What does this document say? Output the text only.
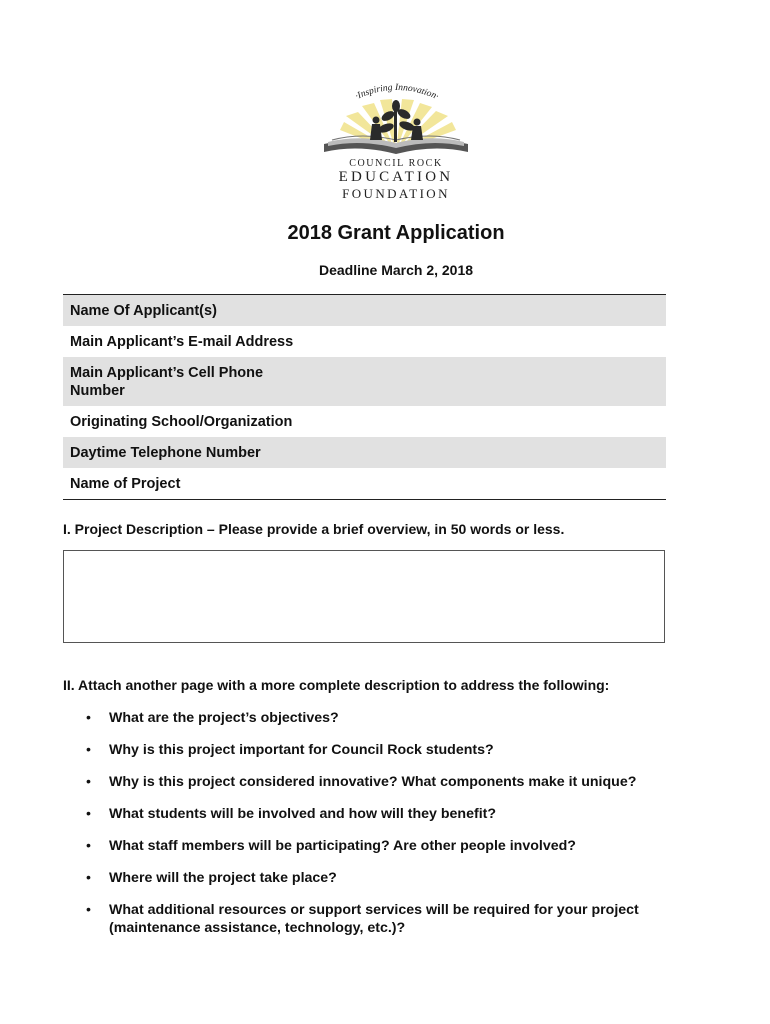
·Inspiring Innovation·
COUNCIL ROCK
EDUCATION
FOUNDATION
2018 Grant Application
Deadline March 2, 2018
Name Of Applicant(s)
Main Applicant’s E-mail Address
Main Applicant’s Cell Phone
Number
Originating School/Organization
Daytime Telephone Number
Name of Project
I. Project Description – Please provide a brief overview, in 50 words or less.
II. Attach another page with a more complete description to address the following:
• What are the project’s objectives?
• Why is this project important for Council Rock students?
• Why is this project considered innovative? What components make it unique?
• What students will be involved and how will they benefit?
• What staff members will be participating? Are other people involved?
• Where will the project take place?
• What additional resources or support services will be required for your project (maintenance assistance, technology, etc.)?
